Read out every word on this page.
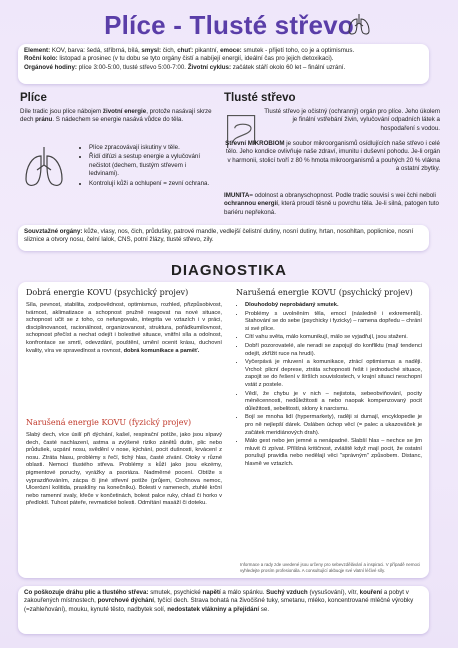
Plíce - Tlusté střevo

Element: KOV, barva: šedá, stříbrná, bílá, smysl: čich, chuť: pikantní, emoce: smutek - přijetí toho, co je a optimismus.

Roční kolo: listopad a prosinec (v tu dobu se tyto orgány čistí a nabíjejí energií, ideální čas pro jejich detoxikaci).

Orgánové hodiny: plíce 3:00-5:00, tlusté střevo 5:00-7:00. Životní cyklus: začátek stáří okolo 60 let – finální uzrání.

Plíce
Díle tradic jsou plíce nábojem životní energie, protože nasávají skrze dech pránu. S nádechem se energie nasává vůdce do těla.
• Plíce zpracovávají iskutiny v těle.
• Řídí difúzi a sestup energie a vylučování nečistot (dechem, tlustým střevem i ledvinami).
• Kontrolují kůži a ochlupení = zevní ochrana.
Tlusté střevo
Tlusté střevo je očistný (ochranný) orgán pro plíce. Jeho úkolem je finální vstřebání živin, vylučování odpadních látek a hospodaření s vodou.
Střevní MIKROBIOM je soubor mikroorganismů osídlujících naše střevo i celé tělo. Jeho kondice ovlivňuje naše zdraví, imunitu i duševní pohodu. Je-li orgán v harmonii, stolicí tvoří z 80 % hmota mikroorganismů a pouhých 20 % vlákna a ostatní zbytky.
IMUNITA= odolnost a obranyschopnost. Podle tradic souvisí s wei čchi neboli ochrannou energií, která proudí těsně u povrchu těla. Je-li silná, patogen tuto bariéru nepřekoná.
Souvztažné orgány: kůže, vlasy, nos, čich, průdušky, patrové mandle, vedlejší čelistní dutiny, nosní dutiny, hrtan, nosohltan, poplicnice, nosní sliznice a otvory nosu, čelní lalok, CNS, potní žlázy, tlusté střevo, zily.
DIAGNOSTIKA
Dobrá energie KOVU (psychický projev)
Síla, pevnost, stabilita, zodpovědnost, optimismus, rozhled, přizpůsobivost, tvárnost, aklimatizace a schopnost pružně reagovat na nové situace, schopnost učit se z toho, co nefungovalo, integrita ve vztazích i v práci, disciplinovanost, racionálnost, organizovanost, struktura, pořádkumilovnost, schopnost přečíst a nechat odejít i bolestivé situace, vnitřní síla a odolnost, konfrontace se smrtí, odevzdání, pouštění, umění ocenit krásu, duchovní kvality, víra ve spravedlnost a rovnost, dobrá komunikace a paměť.
Narušená energie KOVU (fyzický projev)
Slabý dech, více úsilí při dýchání, kašel, respirační potíže, jako jsou sípavý dech, časté nachlazení, astma a zvýšené riziko zánětů dutin, plic nebo průdušek, ucpání nosu, svědění v nose, kýchání, pocit dušnosti, krvácení z nosu. Ztráta hlasu, problémy s řečí, tichý hlas, časté zívání. Otoky v různé oblasti. Nemoci tlustého střeva. Problémy s kůží jako jsou ekzémy, pigmentové poruchy, vyrážky a psoriáza. Nadměrné pocení. Obtíže s vyprazdňováním, zácpa či jiné střevní potíže (průjem, Crohnova nemoc, Ulcerózní kolitida, prasklíny na konečníku). Bolesti v ramenech, ztuhlé krční nebo ramenní svaly, křeče v končetinách, bolest palce ruky, chlad či horko v předloktí. Tuhost páteře, revmatické bolesti. Odmítání masáží či doteku.
Narušená energie KOVU (psychický projev)
• Dlouhodobý neprobádaný smutek.
• Problémy s uvolněním těla, emocí (následně i exkrementů). Stahování se do sebe (psychicky i fyzicky) – ramena dopředu – chrání si své plíce.
• Cítí vahu světa, málo komunikují, málo se vyjadřují, jsou staženi.
• Dobří pozorovatelé, ale neradi se zapojují do konfliktu (mají tendenci odejít, zkřížit ruce na hrudi).
• Vyčerpává je mluvení a komunikace, ztrácí optimismus a naději. Vrchol: plicní deprese, ztráta schopnosti řešit i jednoduché situace, zapojit se do řešení v širších souvislostech, v krajní situaci neschopní vstát z postele.
• Vědí, že chybu je v nich – nejistota, sebeobviňování, pocity méněcennosti, nedůležitosti a nebo naopak kompenzovaný pocit důležitosti, sebelitosti, sklony k narcismu.
• Bojí se mnoha lidí (hypermarkety), raději si dumají, encyklopedie je pro ně nejlepší dárek. Osláben úchop věcí (= palec a ukazováček je začátek meridiánových drah).
• Málo gest nebo jen jemné a nenápadné. Slabší hlas – nechce se jim mluvit či zpívat. Přílišná kritičnost, zvláště když mají pocit, že ostatní porušují pravidla nebo nedělají věci "správným" způsobem. Distanc, hlavně ve vztazích.
Informace a rady zde uvedené jsou určeny pro sebevzdělávání a inspiraci. V případě nemoci vyhledejte prosím profesionála. A consultující akbuqje své vlatní léčivé síly.
Co poškozuje dráhu plic a tlustého střeva: smutek, psychické napětí a málo spánku. Suchý vzduch (vysušování), vítr, kouření a pobyt v zakouřených místnostech, povrchové dýchání, tyčící dech. Strava bohatá na živočišné tuky, smetanu, mléko, koncentrované mléčné výrobky (=zahleňování), mouku, kynuté těsto, nadbytek solí, nedostatek vlákniny a přejídání se.
